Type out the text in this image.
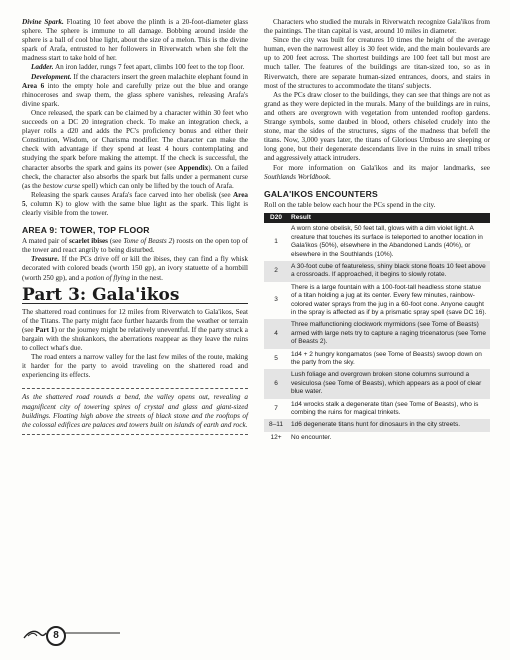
Divine Spark. Floating 10 feet above the plinth is a 20-foot-diameter glass sphere. The sphere is immune to all damage. Bobbing around inside the sphere is a ball of cool blue light, about the size of a melon. This is the divine spark of Arafa, entrusted to her followers in Riverwatch when she felt the madness start to take hold of her.

Ladder. An iron ladder, rungs 7 feet apart, climbs 100 feet to the top floor.

Development. If the characters insert the green malachite elephant found in Area 6 into the empty hole and carefully prize out the blue and orange rhinoceroses and swap them, the glass sphere vanishes, releasing Arafa's divine spark.

Once released, the spark can be claimed by a character within 30 feet who succeeds on a DC 20 integration check. To make an integration check, a player rolls a d20 and adds the PC's proficiency bonus and either their Constitution, Wisdom, or Charisma modifier. The character can make the check with advantage if they spend at least 4 hours contemplating and studying the spark before making the attempt. If the check is successful, the character absorbs the spark and gains its power (see Appendix). On a failed check, the character also absorbs the spark but falls under a permanent curse (as the bestow curse spell) which can only be lifted by the touch of Arafa.

Releasing the spark causes Arafa's face carved into her obelisk (see Area 5, column K) to glow with the same blue light as the spark. This light is clearly visible from the tower.

AREA 9: TOWER, TOP FLOOR

A mated pair of scarlet ibises (see Tome of Beasts 2) roosts on the open top of the tower and react angrily to being disturbed.

Treasure. If the PCs drive off or kill the ibises, they can find a fly whisk decorated with colored beads (worth 150 gp), an ivory statuette of a hornbill (worth 250 gp), and a potion of flying in the nest.

Part 3: Gala'ikos

The shattered road continues for 12 miles from Riverwatch to Gala'ikos, Seat of the Titans. The party might face further hazards from the weather or terrain (see Part 1) or the journey might be relatively uneventful. If the party struck a bargain with the shukankors, the aberrations reappear as they leave the ruins to collect what's due.

The road enters a narrow valley for the last few miles of the route, making it harder for the party to avoid traveling on the shattered road and experiencing its effects.

As the shattered road rounds a bend, the valley opens out, revealing a magnificent city of towering spires of crystal and glass and giant-sized buildings. Floating high above the streets of black stone and the rooftops of the colossal edifices are palaces and towers built on islands of earth and rock.

Characters who studied the murals in Riverwatch recognize Gala'ikos from the paintings. The titan capital is vast, around 10 miles in diameter.

Since the city was built for creatures 10 times the height of the average human, even the narrowest alley is 30 feet wide, and the main boulevards are up to 200 feet across. The shortest buildings are 100 feet tall but most are much taller. The features of the buildings are titan-sized too, so as in Riverwatch, there are separate human-sized entrances, doors, and stairs in most of the structures to accommodate the titans' subjects.

As the PCs draw closer to the buildings, they can see that things are not as grand as they were depicted in the murals. Many of the buildings are in ruins, and others are overgrown with vegetation from untended rooftop gardens. Strange symbols, some daubed in blood, others chiseled crudely into the stone, mar the sides of the structures, signs of the madness that befell the titans. Now, 3,000 years later, the titans of Glorious Umbuso are sleeping or long gone, but their degenerate descendants live in the ruins in small tribes and aggressively attack intruders.

For more information on Gala'ikos and its major landmarks, see Southlands Worldbook.

GALA'IKOS ENCOUNTERS

Roll on the table below each hour the PCs spend in the city.

D20	Result
1	A worn stone obelisk, 50 feet tall, glows with a dim violet light. A creature that touches its surface is teleported to another location in Gala'ikos (50%), elsewhere in the Abandoned Lands (40%), or elsewhere in the Southlands (10%).
2	A 30-foot cube of featureless, shiny black stone floats 10 feet above a crossroads. If approached, it begins to slowly rotate.
3	There is a large fountain with a 100-foot-tall headless stone statue of a titan holding a jug at its center. Every few minutes, rainbow-colored water sprays from the jug in a 60-foot cone. Anyone caught in the spray is affected as if by a prismatic spray spell (save DC 16).
4	Three malfunctioning clockwork myrmidons (see Tome of Beasts) armed with large nets try to capture a raging tricenatorus (see Tome of Beasts 2).
5	1d4 + 2 hungry kongamatos (see Tome of Beasts) swoop down on the party from the sky.
6	Lush foliage and overgrown broken stone columns surround a vesiculosa (see Tome of Beasts), which appears as a pool of clear blue water.
7	1d4 wrocks stalk a degenerate titan (see Tome of Beasts), who is combing the ruins for magical trinkets.
8–11	1d6 degenerate titans hunt for dinosaurs in the city streets.
12+	No encounter.
8
